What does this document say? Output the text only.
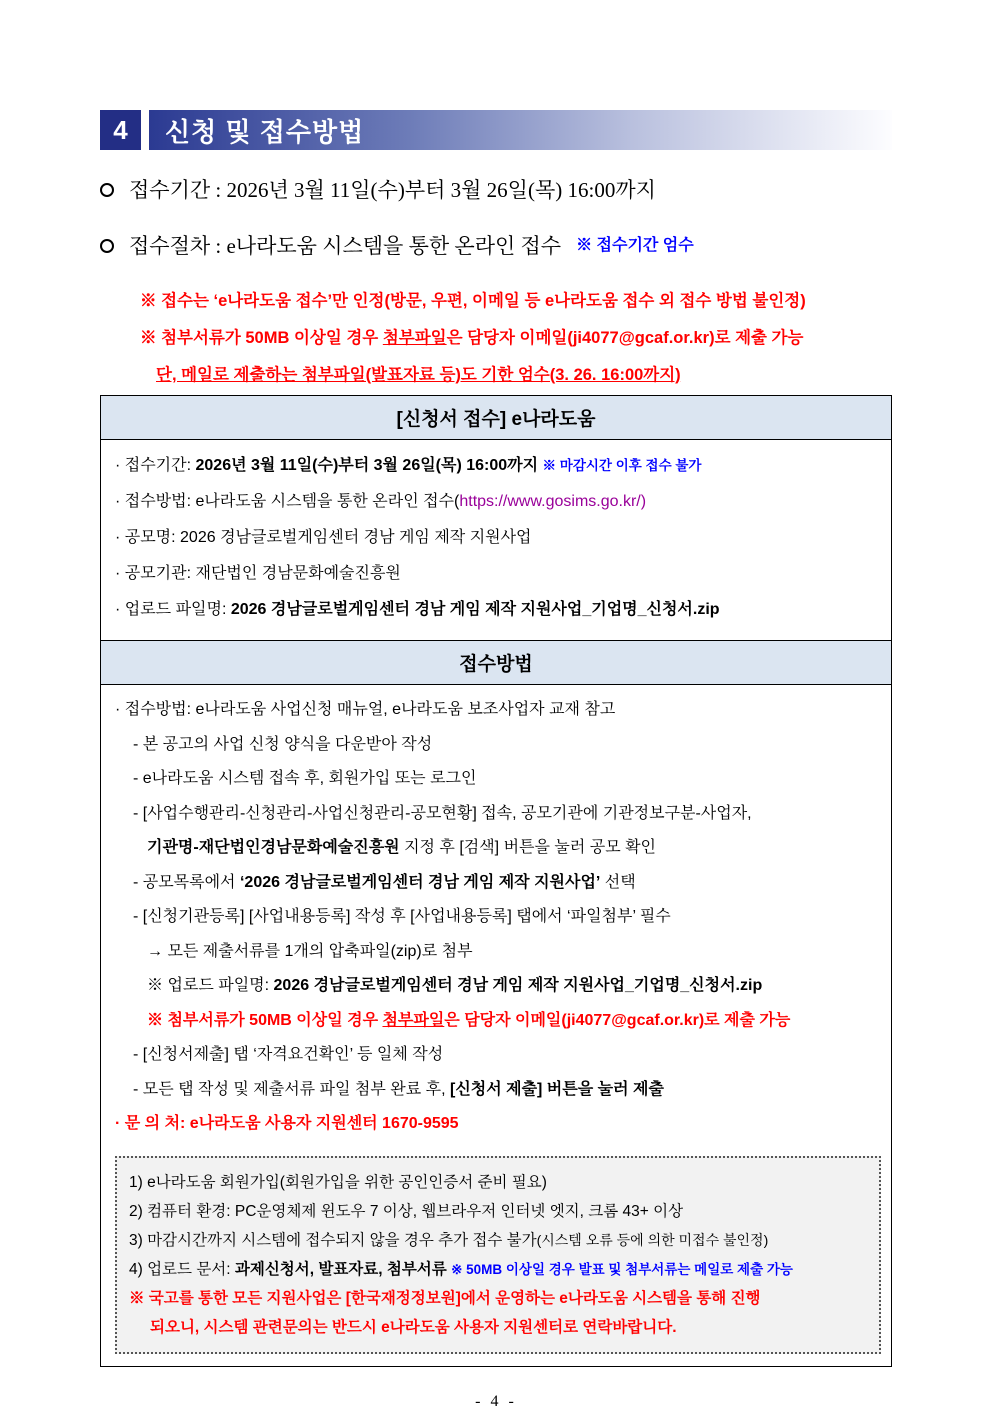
4	신청 및 접수방법
접수기간 : 2026년 3월 11일(수)부터 3월 26일(목) 16:00까지
접수절차 : e나라도움 시스템을 통한 온라인 접수 ※ 접수기간 엄수
※ 접수는 ‘e나라도움 접수’만 인정(방문, 우편, 이메일 등 e나라도움 접수 외 접수 방법 불인정)
※ 첨부서류가 50MB 이상일 경우 첨부파일은 담당자 이메일(ji4077@gcaf.or.kr)로 제출 가능
단, 메일로 제출하는 첨부파일(발표자료 등)도 기한 엄수(3. 26. 16:00까지)
[신청서 접수] e나라도움

· 접수기간: 2026년 3월 11일(수)부터 3월 26일(목) 16:00까지 ※ 마감시간 이후 접수 불가
· 접수방법: e나라도움 시스템을 통한 온라인 접수(https://www.gosims.go.kr/)
· 공모명: 2026 경남글로벌게임센터 경남 게임 제작 지원사업
· 공모기관: 재단법인 경남문화예술진흥원
· 업로드 파일명: 2026 경남글로벌게임센터 경남 게임 제작 지원사업_기업명_신청서.zip

접수방법

· 접수방법: e나라도움 사업신청 매뉴얼, e나라도움 보조사업자 교재 참고
- 본 공고의 사업 신청 양식을 다운받아 작성
- e나라도움 시스템 접속 후, 회원가입 또는 로그인
- [사업수행관리-신청관리-사업신청관리-공모현황] 접속, 공모기관에 기관정보구분-사업자,
기관명-재단법인경남문화예술진흥원 지정 후 [검색] 버튼을 눌러 공모 확인
- 공모목록에서 ‘2026 경남글로벌게임센터 경남 게임 제작 지원사업’ 선택
- [신청기관등록] [사업내용등록] 작성 후 [사업내용등록] 탭에서 ‘파일첨부’ 필수
→ 모든 제출서류를 1개의 압축파일(zip)로 첨부
※ 업로드 파일명: 2026 경남글로벌게임센터 경남 게임 제작 지원사업_기업명_신청서.zip
※ 첨부서류가 50MB 이상일 경우 첨부파일은 담당자 이메일(ji4077@gcaf.or.kr)로 제출 가능
- [신청서제출] 탭 ‘자격요건확인’ 등 일체 작성
- 모든 탭 작성 및 제출서류 파일 첨부 완료 후, [신청서 제출] 버튼을 눌러 제출
· 문 의 처: e나라도움 사용자 지원센터 1670-9595
1) e나라도움 회원가입(회원가입을 위한 공인인증서 준비 필요)
2) 컴퓨터 환경: PC운영체제 윈도우 7 이상, 웹브라우저 인터넷 엣지, 크롬 43+ 이상
3) 마감시간까지 시스템에 접수되지 않을 경우 추가 접수 불가(시스템 오류 등에 의한 미접수 불인정)
4) 업로드 문서: 과제신청서, 발표자료, 첨부서류 ※ 50MB 이상일 경우 발표 및 첨부서류는 메일로 제출 가능
※ 국고를 통한 모든 지원사업은 [한국재정정보원]에서 운영하는 e나라도움 시스템을 통해 진행
되오니, 시스템 관련문의는 반드시 e나라도움 사용자 지원센터로 연락바랍니다.
- 4 -
